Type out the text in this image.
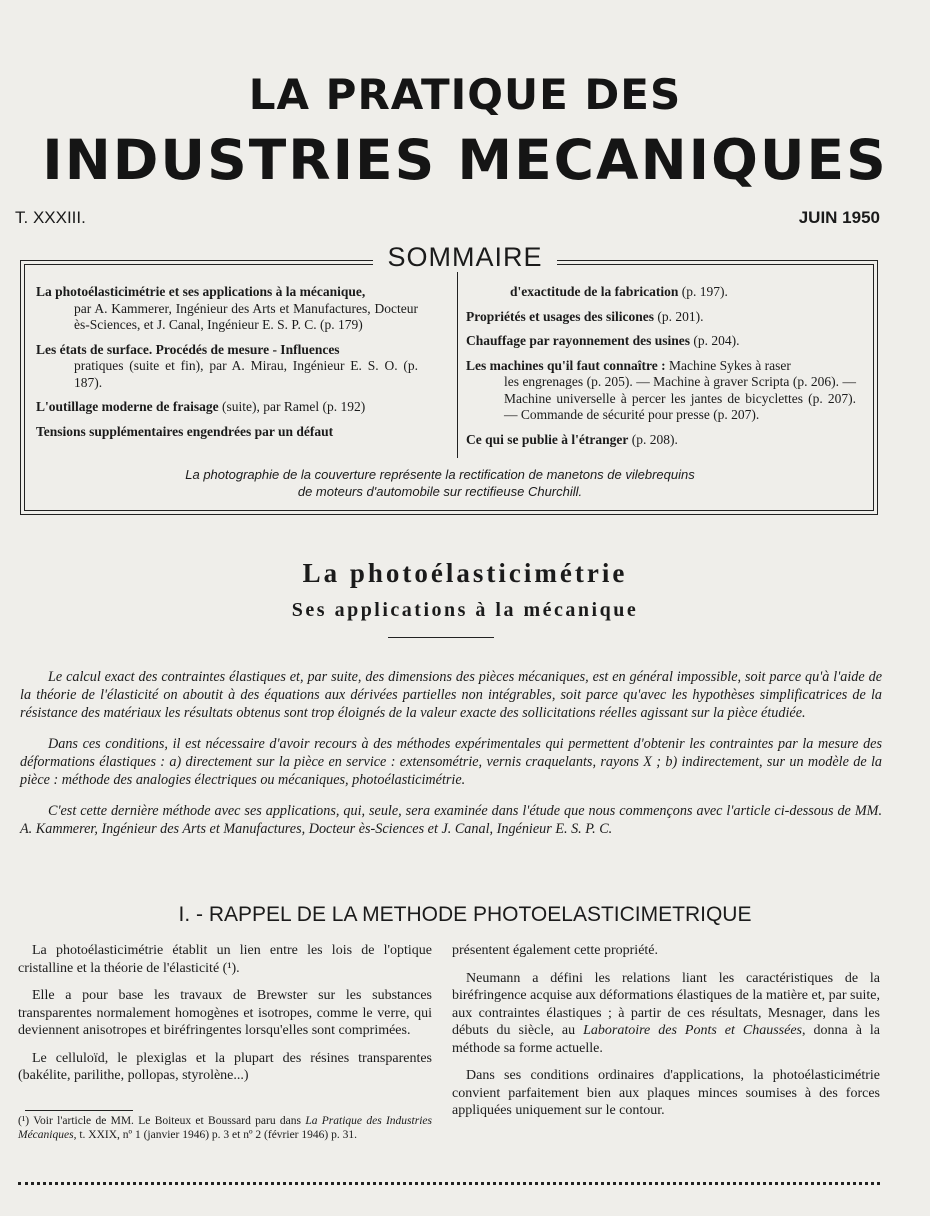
LA PRATIQUE DES
INDUSTRIES MECANIQUES
T. XXXIII.	JUIN 1950
SOMMAIRE
La photoélasticimétrie et ses applications à la mécanique,
par A. Kammerer, Ingénieur des Arts et Manufactures, Docteur ès-Sciences, et J. Canal, Ingénieur E. S. P. C. (p. 179)
Les états de surface. Procédés de mesure - Influences
pratiques (suite et fin), par A. Mirau, Ingénieur E. S. O. (p. 187).
L'outillage moderne de fraisage (suite), par Ramel (p. 192)
Tensions supplémentaires engendrées par un défaut
d'exactitude de la fabrication (p. 197).
Propriétés et usages des silicones (p. 201).
Chauffage par rayonnement des usines (p. 204).
Les machines qu'il faut connaître : Machine Sykes à raser
les engrenages (p. 205). — Machine à graver Scripta (p. 206). — Machine universelle à percer les jantes de bicyclettes (p. 207). — Commande de sécurité pour presse (p. 207).
Ce qui se publie à l'étranger (p. 208).
La photographie de la couverture représente la rectification de manetons de vilebrequins
de moteurs d'automobile sur rectifieuse Churchill.
La photoélasticimétrie
Ses applications à la mécanique

Le calcul exact des contraintes élastiques et, par suite, des dimensions des pièces mécaniques, est en général impossible, soit parce qu'à l'aide de la théorie de l'élasticité on aboutit à des équations aux dérivées partielles non intégrables, soit parce qu'avec les hypothèses simplificatrices de la résistance des matériaux les résultats obtenus sont trop éloignés de la valeur exacte des sollicitations réelles agissant sur la pièce étudiée.

Dans ces conditions, il est nécessaire d'avoir recours à des méthodes expérimentales qui permettent d'obtenir les contraintes par la mesure des déformations élastiques : a) directement sur la pièce en service : extensométrie, vernis craquelants, rayons X ; b) indirectement, sur un modèle de la pièce : méthode des analogies électriques ou mécaniques, photoélasticimétrie.

C'est cette dernière méthode avec ses applications, qui, seule, sera examinée dans l'étude que nous commençons avec l'article ci-dessous de MM. A. Kammerer, Ingénieur des Arts et Manufactures, Docteur ès-Sciences et J. Canal, Ingénieur E. S. P. C.

I. - RAPPEL DE LA METHODE PHOTOELASTICIMETRIQUE

La photoélasticimétrie établit un lien entre les lois de l'optique cristalline et la théorie de l'élasticité (¹).

Elle a pour base les travaux de Brewster sur les substances transparentes normalement homogènes et isotropes, comme le verre, qui deviennent anisotropes et biréfringentes lorsqu'elles sont comprimées.

Le celluloïd, le plexiglas et la plupart des résines transparentes (bakélite, parilithe, pollopas, styrolène...)

présentent également cette propriété.

Neumann a défini les relations liant les caractéristiques de la biréfringence acquise aux déformations élastiques de la matière et, par suite, aux contraintes élastiques ; à partir de ces résultats, Mesnager, dans les débuts du siècle, au Laboratoire des Ponts et Chaussées, donna à la méthode sa forme actuelle.

Dans ses conditions ordinaires d'applications, la photoélasticimétrie convient parfaitement bien aux plaques minces soumises à des forces appliquées uniquement sur le contour.

(¹) Voir l'article de MM. Le Boiteux et Boussard paru dans La Pratique des Industries Mécaniques, t. XXIX, nº 1 (janvier 1946) p. 3 et nº 2 (février 1946) p. 31.
